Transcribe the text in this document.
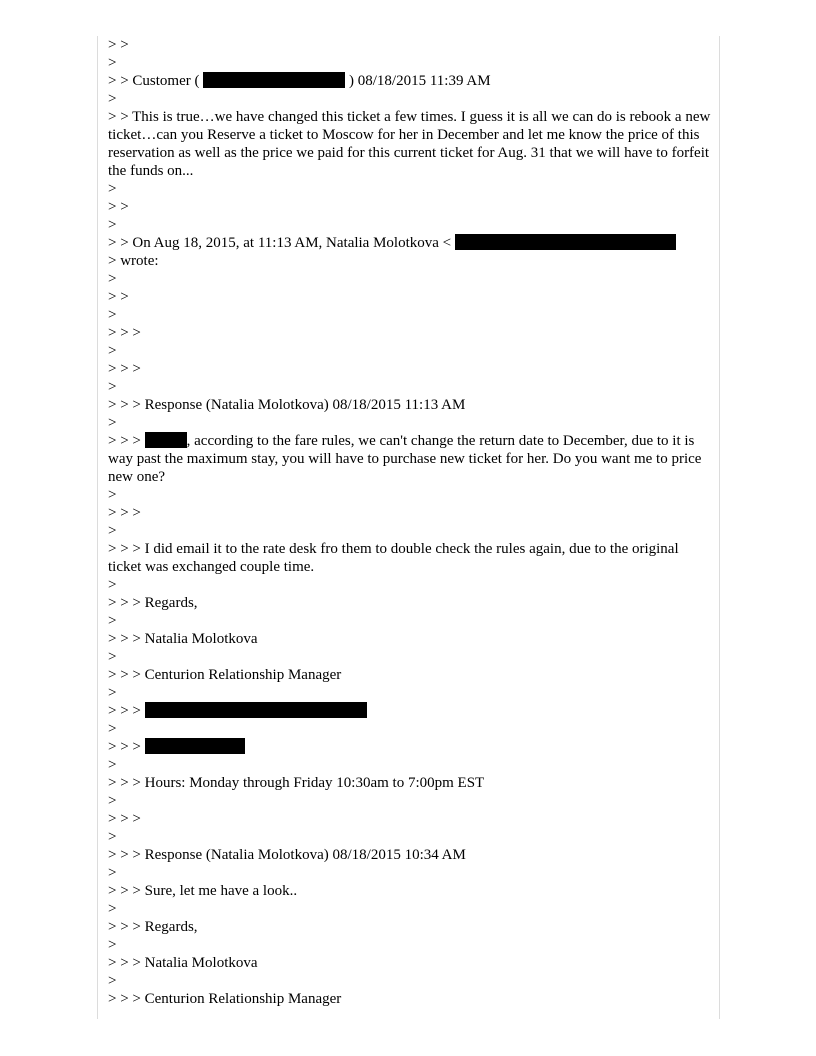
> >
>
> > Customer (	) 08/18/2015 11:39 AM
>
> > This is true…we have changed this ticket a few times. I guess it is all we can do is rebook a new ticket…can you Reserve a ticket to Moscow for her in December and let me know the price of this reservation as well as the price we paid for this current ticket for Aug. 31 that we will have to forfeit the funds on...
>
> >
>
> > On Aug 18, 2015, at 11:13 AM, Natalia Molotkova <
> wrote:
>
> >
>
> > >
>
> > >
>
> > > Response (Natalia Molotkova) 08/18/2015 11:13 AM
>
> > >	, according to the fare rules, we can't change the return date to December, due to it is way past the maximum stay, you will have to purchase new ticket for her. Do you want me to price new one?
>
> > >
>
> > > I did email it to the rate desk fro them to double check the rules again, due to the original ticket was exchanged couple time.
>
> > > Regards,
>
> > > Natalia Molotkova
>
> > > Centurion Relationship Manager
>
> > >
>
> > >
>
> > > Hours: Monday through Friday 10:30am to 7:00pm EST
>
> > >
>
> > > Response (Natalia Molotkova) 08/18/2015 10:34 AM
>
> > > Sure, let me have a look..
>
> > > Regards,
>
> > > Natalia Molotkova
>
> > > Centurion Relationship Manager
